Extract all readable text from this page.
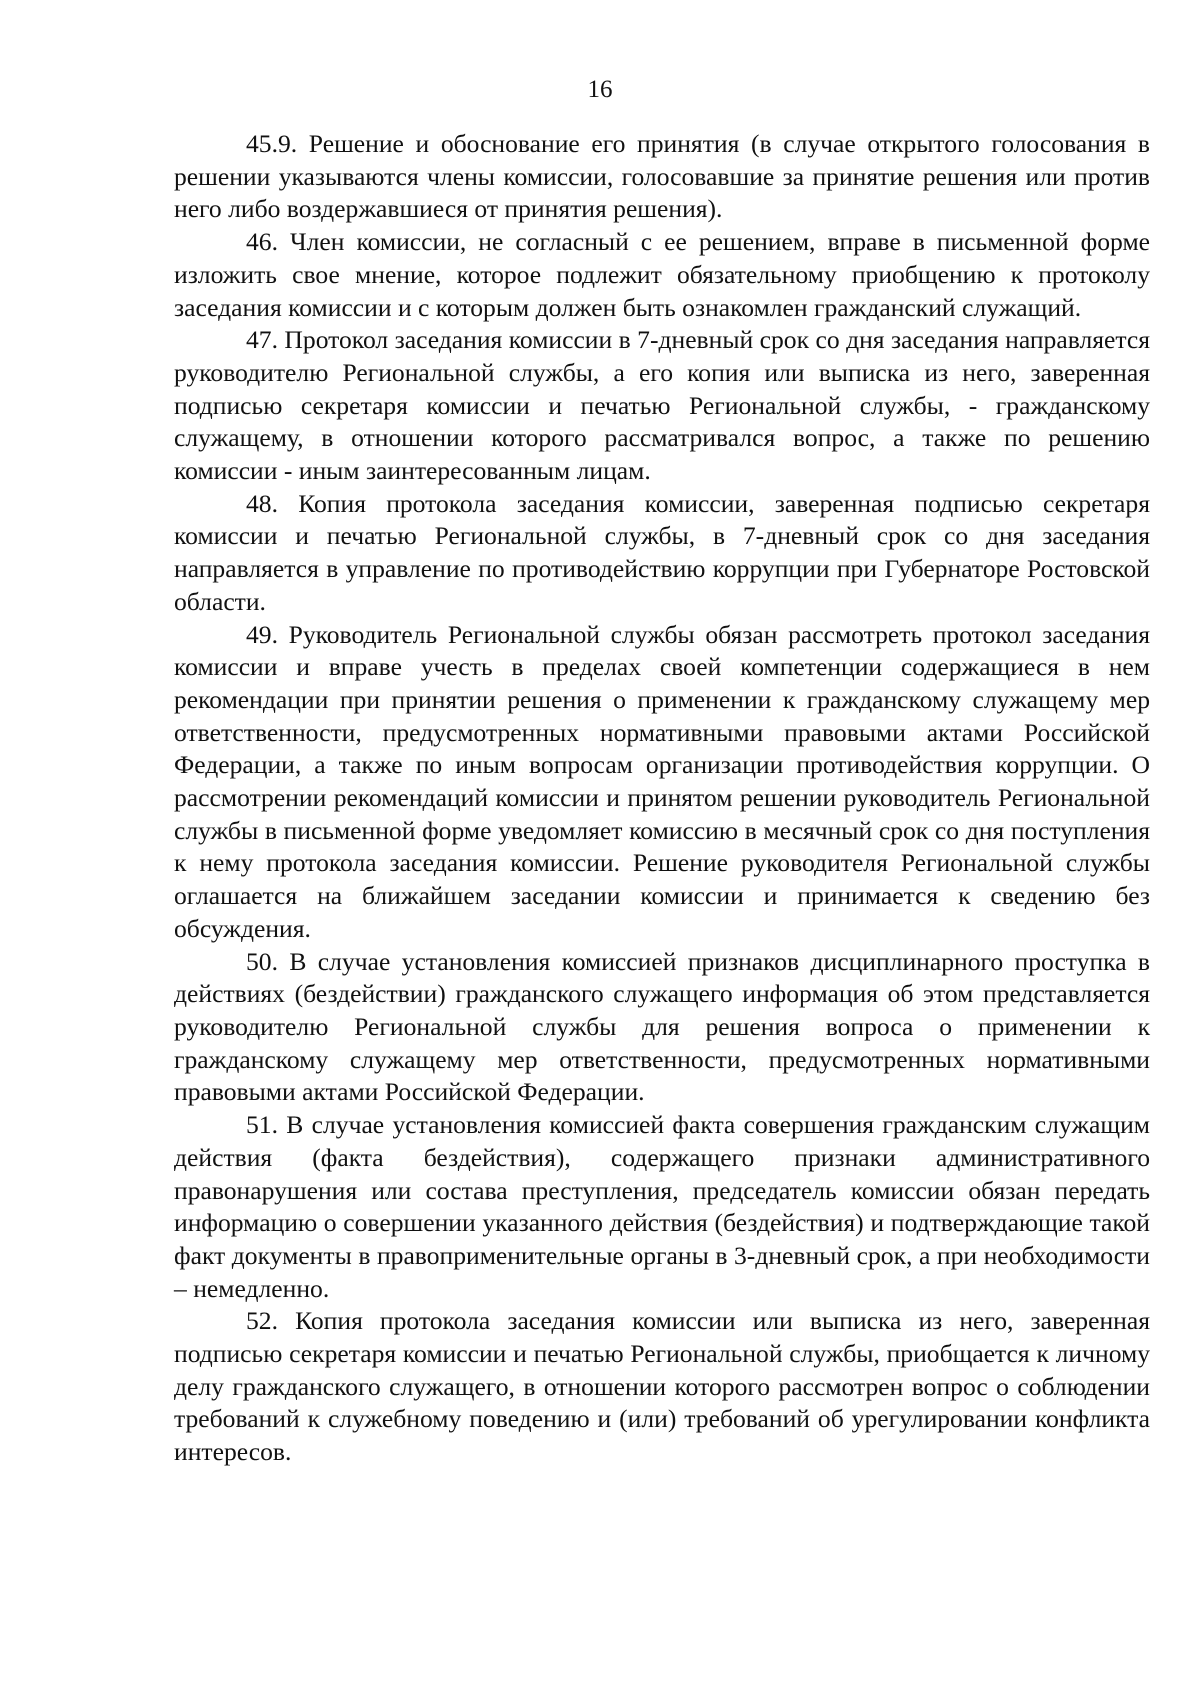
16

45.9. Решение и обоснование его принятия (в случае открытого голосования в решении указываются члены комиссии, голосовавшие за принятие решения или против него либо воздержавшиеся от принятия решения).

46. Член комиссии, не согласный с ее решением, вправе в письменной форме изложить свое мнение, которое подлежит обязательному приобщению к протоколу заседания комиссии и с которым должен быть ознакомлен гражданский служащий.

47. Протокол заседания комиссии в 7-дневный срок со дня заседания направляется руководителю Региональной службы, а его копия или выписка из него, заверенная подписью секретаря комиссии и печатью Региональной службы, - гражданскому служащему, в отношении которого рассматривался вопрос, а также по решению комиссии - иным заинтересованным лицам.

48. Копия протокола заседания комиссии, заверенная подписью секретаря комиссии и печатью Региональной службы, в 7-дневный срок со дня заседания направляется в управление по противодействию коррупции при Губернаторе Ростовской области.

49. Руководитель Региональной службы обязан рассмотреть протокол заседания комиссии и вправе учесть в пределах своей компетенции содержащиеся в нем рекомендации при принятии решения о применении к гражданскому служащему мер ответственности, предусмотренных нормативными правовыми актами Российской Федерации, а также по иным вопросам организации противодействия коррупции. О рассмотрении рекомендаций комиссии и принятом решении руководитель Региональной службы в письменной форме уведомляет комиссию в месячный срок со дня поступления к нему протокола заседания комиссии. Решение руководителя Региональной службы оглашается на ближайшем заседании комиссии и принимается к сведению без обсуждения.

50. В случае установления комиссией признаков дисциплинарного проступка в действиях (бездействии) гражданского служащего информация об этом представляется руководителю Региональной службы для решения вопроса о применении к гражданскому служащему мер ответственности, предусмотренных нормативными правовыми актами Российской Федерации.

51. В случае установления комиссией факта совершения гражданским служащим действия (факта бездействия), содержащего признаки административного правонарушения или состава преступления, председатель комиссии обязан передать информацию о совершении указанного действия (бездействия) и подтверждающие такой факт документы в правоприменительные органы в 3-дневный срок, а при необходимости – немедленно.

52. Копия протокола заседания комиссии или выписка из него, заверенная подписью секретаря комиссии и печатью Региональной службы, приобщается к личному делу гражданского служащего, в отношении которого рассмотрен вопрос о соблюдении требований к служебному поведению и (или) требований об урегулировании конфликта интересов.
